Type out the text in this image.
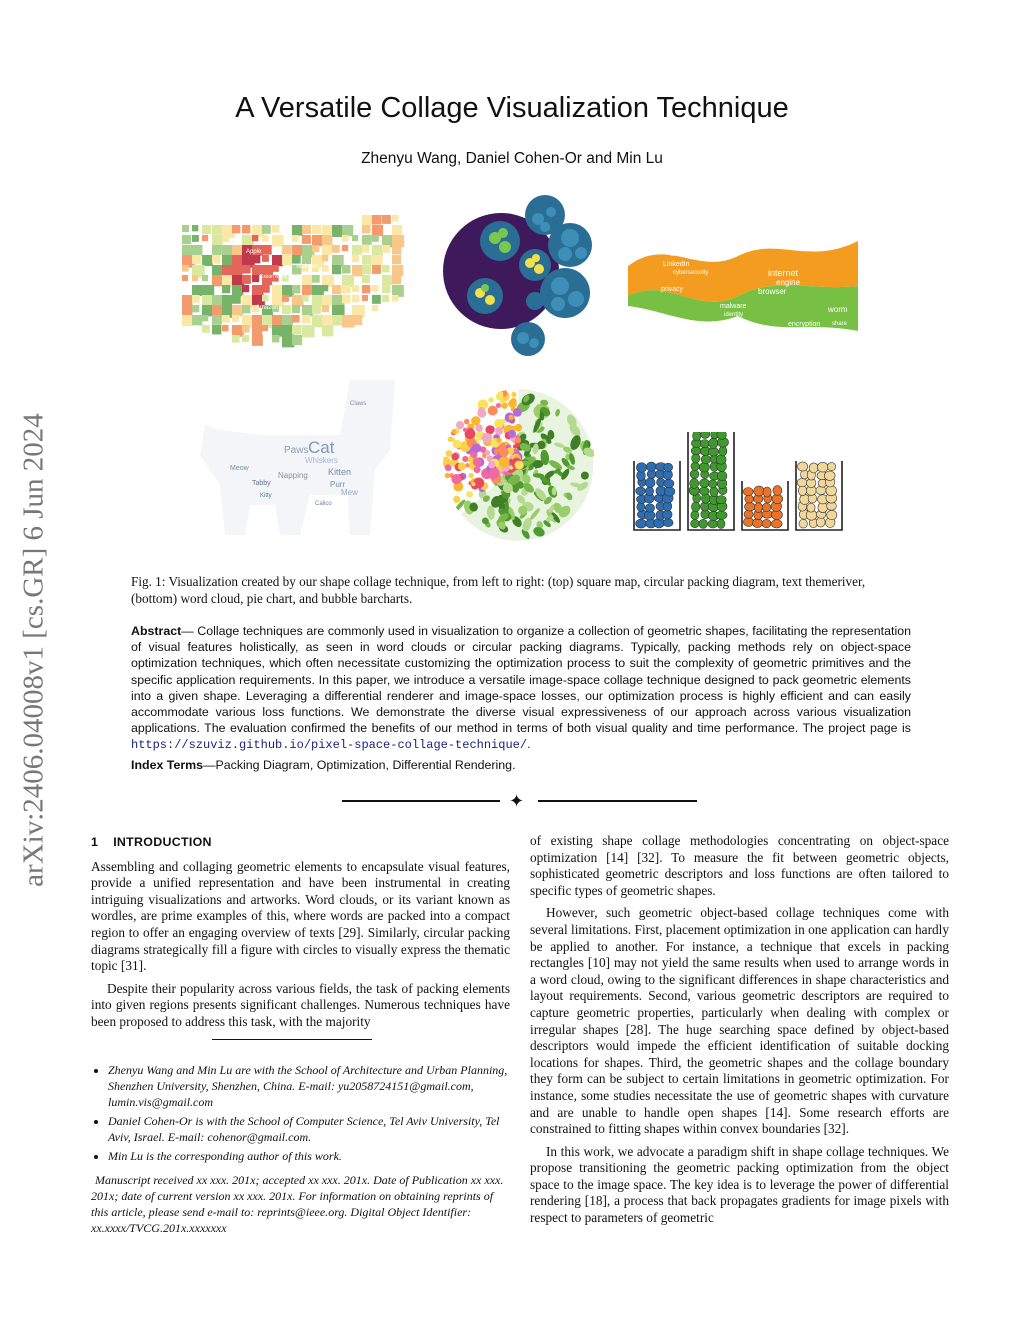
A Versatile Collage Visualization Technique
Zhenyu Wang, Daniel Cohen-Or and Min Lu
arXiv:2406.04008v1 [cs.GR] 6 Jun 2024
Apple
Walmart
Exxon Mobil
Amazon
email
LinkedIn
cybersecurity	internet
engine
browser
privacy
worm
encryption
malware
identity
share
Cat
Paws
Whiskers
Kitten
Purr
Mew
Tabby
Calico
Meow
Kitty
Napping
Claws
Fig. 1: Visualization created by our shape collage technique, from left to right: (top) square map, circular packing diagram, text themeriver, (bottom) word cloud, pie chart, and bubble barcharts.
Abstract— Collage techniques are commonly used in visualization to organize a collection of geometric shapes, facilitating the representation of visual features holistically, as seen in word clouds or circular packing diagrams. Typically, packing methods rely on object-space optimization techniques, which often necessitate customizing the optimization process to suit the complexity of geometric primitives and the specific application requirements. In this paper, we introduce a versatile image-space collage technique designed to pack geometric elements into a given shape. Leveraging a differential renderer and image-space losses, our optimization process is highly efficient and can easily accommodate various loss functions. We demonstrate the diverse visual expressiveness of our approach across various visualization applications. The evaluation confirmed the benefits of our method in terms of both visual quality and time performance. The project page is https://szuviz.github.io/pixel-space-collage-technique/.
Index Terms—Packing Diagram, Optimization, Differential Rendering.
✦
1 INTRODUCTION

Assembling and collaging geometric elements to encapsulate visual features, provide a unified representation and have been instrumental in creating intriguing visualizations and artworks. Word clouds, or its variant known as wordles, are prime examples of this, where words are packed into a compact region to offer an engaging overview of texts [29]. Similarly, circular packing diagrams strategically fill a figure with circles to visually express the thematic topic [31].

Despite their popularity across various fields, the task of packing elements into given regions presents significant challenges. Numerous techniques have been proposed to address this task, with the majority

• Zhenyu Wang and Min Lu are with the School of Architecture and Urban Planning, Shenzhen University, Shenzhen, China. E-mail: yu2058724151@gmail.com, lumin.vis@gmail.com
• Daniel Cohen-Or is with the School of Computer Science, Tel Aviv University, Tel Aviv, Israel. E-mail: cohenor@gmail.com.
• Min Lu is the corresponding author of this work.
Manuscript received xx xxx. 201x; accepted xx xxx. 201x. Date of Publication xx xxx. 201x; date of current version xx xxx. 201x. For information on obtaining reprints of this article, please send e-mail to: reprints@ieee.org. Digital Object Identifier: xx.xxxx/TVCG.201x.xxxxxxx

of existing shape collage methodologies concentrating on object-space optimization [14] [32]. To measure the fit between geometric objects, sophisticated geometric descriptors and loss functions are often tailored to specific types of geometric shapes.

However, such geometric object-based collage techniques come with several limitations. First, placement optimization in one application can hardly be applied to another. For instance, a technique that excels in packing rectangles [10] may not yield the same results when used to arrange words in a word cloud, owing to the significant differences in shape characteristics and layout requirements. Second, various geometric descriptors are required to capture geometric properties, particularly when dealing with complex or irregular shapes [28]. The huge searching space defined by object-based descriptors would impede the efficient identification of suitable docking locations for shapes. Third, the geometric shapes and the collage boundary they form can be subject to certain limitations in geometric optimization. For instance, some studies necessitate the use of geometric shapes with curvature and are unable to handle open shapes [14]. Some research efforts are constrained to fitting shapes within convex boundaries [32].

In this work, we advocate a paradigm shift in shape collage techniques. We propose transitioning the geometric packing optimization from the object space to the image space. The key idea is to leverage the power of differential rendering [18], a process that back propagates gradients for image pixels with respect to parameters of geometric
